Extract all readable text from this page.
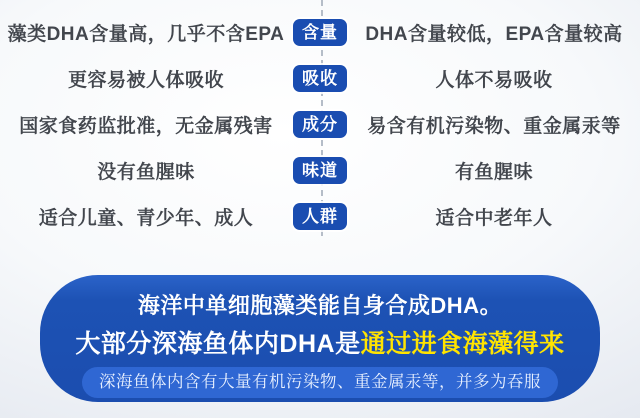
藻类DHA含量高，几乎不含EPA	含量	DHA含量较低，EPA含量较高
更容易被人体吸收	吸收	人体不易吸收
国家食药监批准，无金属残害	成分	易含有机污染物、重金属汞等
没有鱼腥味	味道	有鱼腥味
适合儿童、青少年、成人	人群	适合中老年人
海洋中单细胞藻类能自身合成DHA。
大部分深海鱼体内DHA是通过进食海藻得来
深海鱼体内含有大量有机污染物、重金属汞等，并多为吞服
